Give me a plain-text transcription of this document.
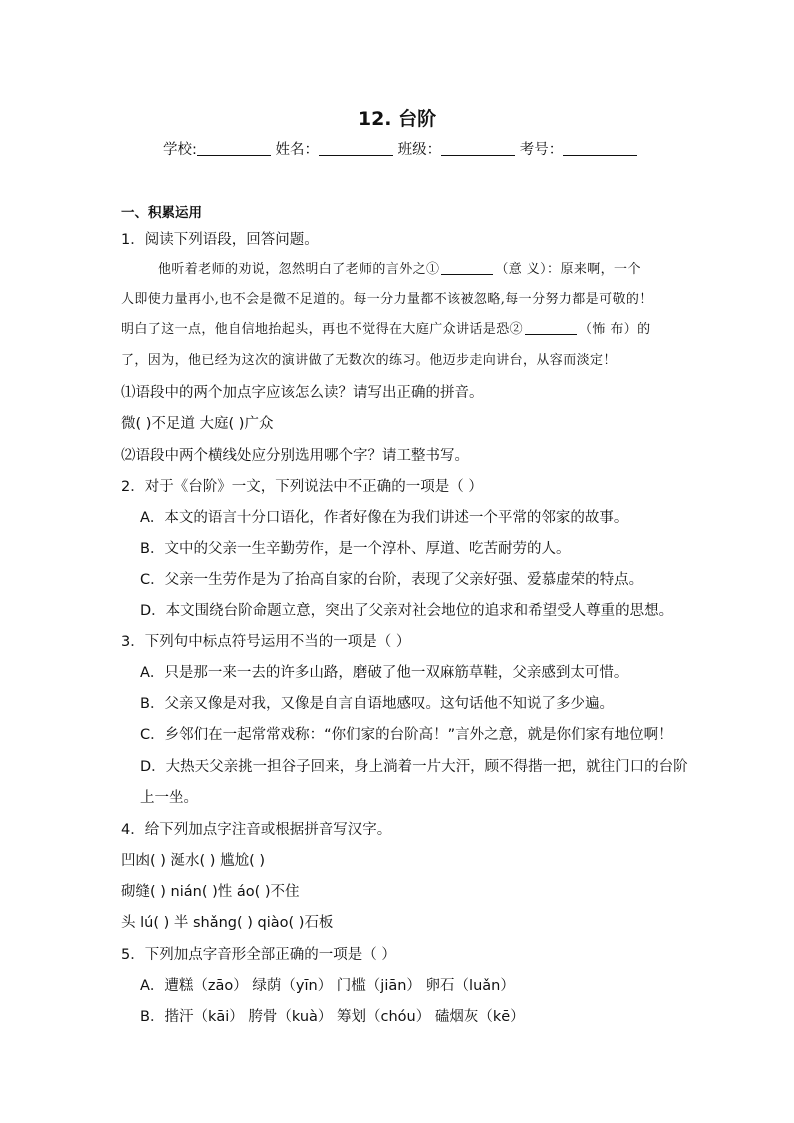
12. 台阶
学校:	姓名：	班级：	考号：
一、积累运用
1．阅读下列语段，回答问题。
他听着老师的劝说，忽然明白了老师的言外之①	（意 义）：原来啊，一个
人即使力量再小,也不会是微不足道的。每一分力量都不该被忽略,每一分努力都是可敬的！
明白了这一点，他自信地抬起头，再也不觉得在大庭广众讲话是恐②	（怖 布）的
了，因为，他已经为这次的演讲做了无数次的练习。他迈步走向讲台，从容而淡定！
⑴语段中的两个加点字应该怎么读？请写出正确的拼音。
微( )不足道 大庭( )广众
⑵语段中两个横线处应分别选用哪个字？请工整书写。
2．对于《台阶》一文，下列说法中不正确的一项是（ ）
A．本文的语言十分口语化，作者好像在为我们讲述一个平常的邻家的故事。
B．文中的父亲一生辛勤劳作，是一个淳朴、厚道、吃苦耐劳的人。
C．父亲一生劳作是为了抬高自家的台阶，表现了父亲好强、爱慕虚荣的特点。
D．本文围绕台阶命题立意，突出了父亲对社会地位的追求和希望受人尊重的思想。
3．下列句中标点符号运用不当的一项是（ ）
A．只是那一来一去的许多山路，磨破了他一双麻筋草鞋，父亲感到太可惜。
B．父亲又像是对我，又像是自言自语地感叹。这句话他不知说了多少遍。
C．乡邻们在一起常常戏称：“你们家的台阶高！”言外之意，就是你们家有地位啊！
D．大热天父亲挑一担谷子回来，身上淌着一片大汗，顾不得揩一把，就往门口的台阶
上一坐。
4．给下列加点字注音或根据拼音写汉字。
凹凼( ) 涎水( ) 尴尬( )
砌缝( ) nián( )性 áo( )不住
头 lú( ) 半 shǎng( ) qiào( )石板
5．下列加点字音形全部正确的一项是（ ）
A．遭糕（zāo） 绿荫（yīn） 门槛（jiān） 卵石（luǎn）
B．揩汗（kāi） 胯骨（kuà） 筹划（chóu） 磕烟灰（kē）
